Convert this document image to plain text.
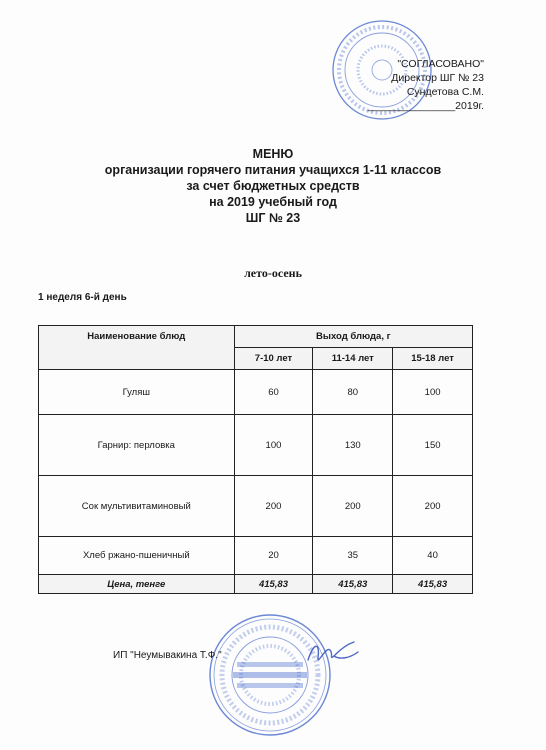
"СОГЛАСОВАНО"
Директор ШГ № 23
Сундетова С.М.
_______________2019г.
МЕНЮ
организации горячего питания учащихся 1-11 классов
за счет бюджетных средств
на 2019 учебный год
ШГ № 23
лето-осень
1 неделя 6-й день
Наименование блюд	Выход блюда, г		
	7-10 лет	11-14 лет	15-18 лет
Гуляш	60	80	100
Гарнир: перловка	100	130	150
Сок мультивитаминовый	200	200	200
Хлеб ржано-пшеничный	20	35	40
Цена, тенге	415,83	415,83	415,83
ИП "Неумывакина Т.Ф."
